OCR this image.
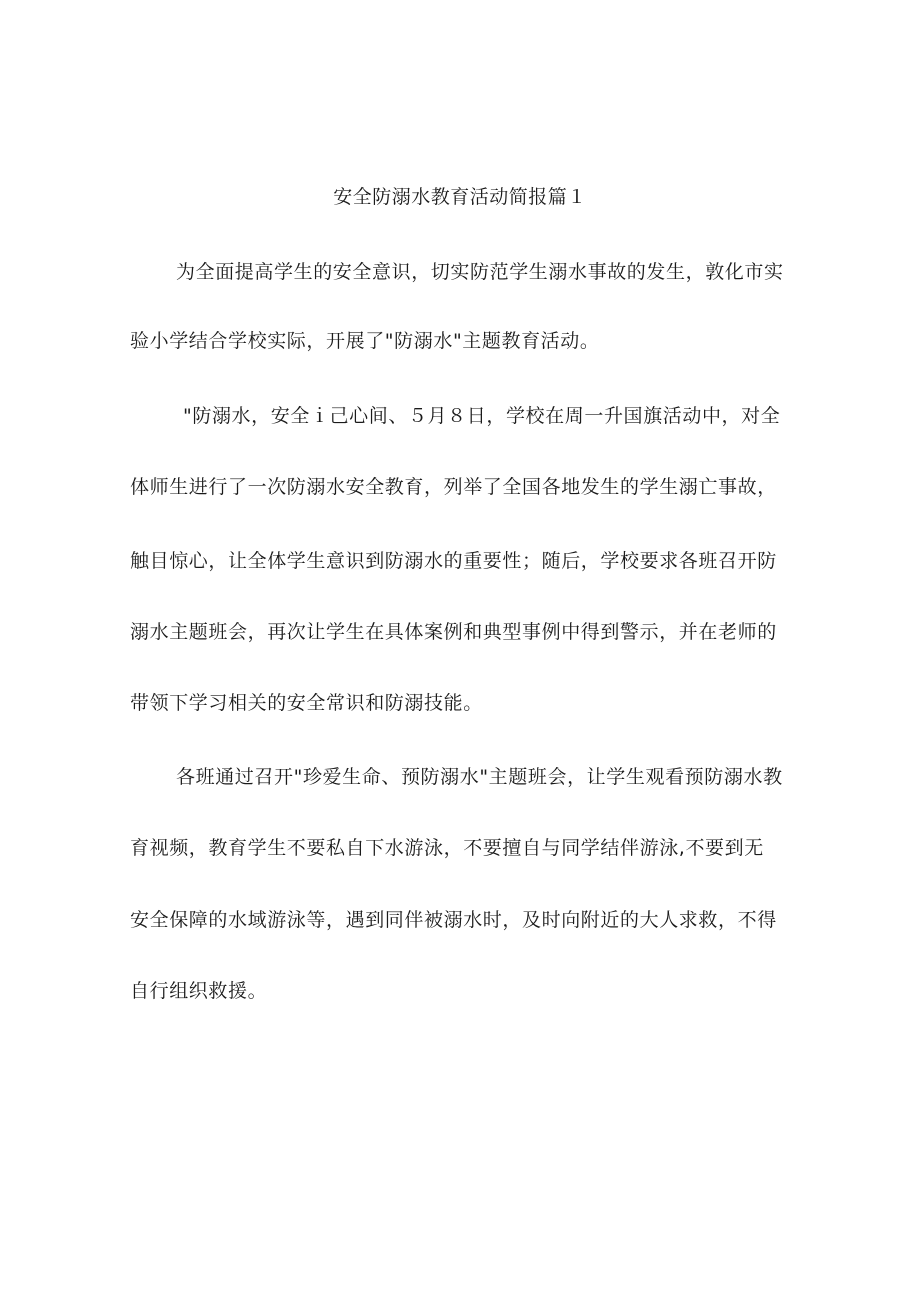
安全防溺水教育活动简报篇１
为全面提高学生的安全意识，切实防范学生溺水事故的发生，敦化市实
验小学结合学校实际，开展了"防溺水"主题教育活动。
"防溺水，安全ｉ己心间、５月８日，学校在周一升国旗活动中，对全
体师生进行了一次防溺水安全教育，列举了全国各地发生的学生溺亡事故，
触目惊心，让全体学生意识到防溺水的重要性；随后，学校要求各班召开防
溺水主题班会，再次让学生在具体案例和典型事例中得到警示，并在老师的
带领下学习相关的安全常识和防溺技能。
各班通过召开"珍爱生命、预防溺水"主题班会，让学生观看预防溺水教
育视频，教育学生不要私自下水游泳，不要擅自与同学结伴游泳,不要到无
安全保障的水域游泳等，遇到同伴被溺水时，及时向附近的大人求救，不得
自行组织救援。
